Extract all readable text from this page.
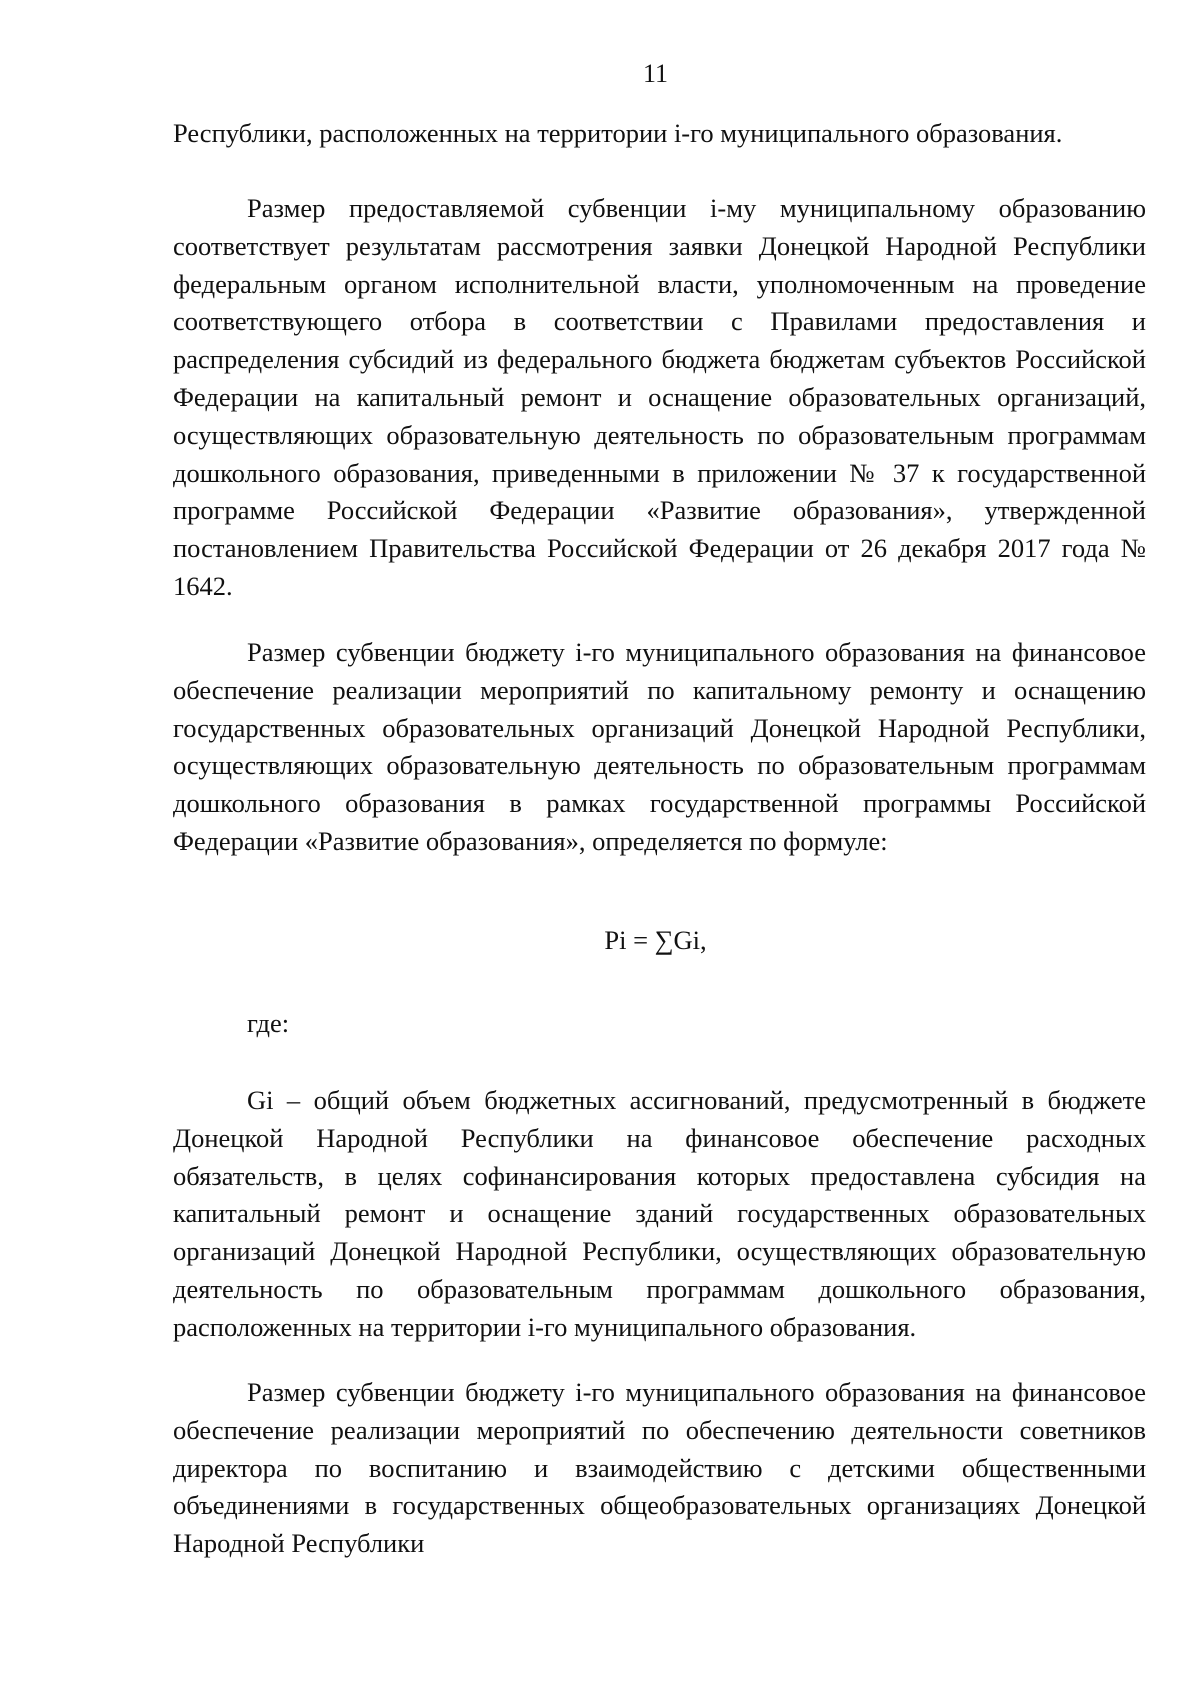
11
Республики, расположенных на территории i-го муниципального образования.

Размер предоставляемой субвенции i-му муниципальному образованию соответствует результатам рассмотрения заявки Донецкой Народной Республики федеральным органом исполнительной власти, уполномоченным на проведение соответствующего отбора в соответствии с Правилами предоставления и распределения субсидий из федерального бюджета бюджетам субъектов Российской Федерации на капитальный ремонт и оснащение образовательных организаций, осуществляющих образовательную деятельность по образовательным программам дошкольного образования, приведенными в приложении № 37 к государственной программе Российской Федерации «Развитие образования», утвержденной постановлением Правительства Российской Федерации от 26 декабря 2017 года № 1642.

Размер субвенции бюджету i-го муниципального образования на финансовое обеспечение реализации мероприятий по капитальному ремонту и оснащению государственных образовательных организаций Донецкой Народной Республики, осуществляющих образовательную деятельность по образовательным программам дошкольного образования в рамках государственной программы Российской Федерации «Развитие образования», определяется по формуле:

Pi = ∑Gi,
где:

Gi – общий объем бюджетных ассигнований, предусмотренный в бюджете Донецкой Народной Республики на финансовое обеспечение расходных обязательств, в целях софинансирования которых предоставлена субсидия на капитальный ремонт и оснащение зданий государственных образовательных организаций Донецкой Народной Республики, осуществляющих образовательную деятельность по образовательным программам дошкольного образования, расположенных на территории i-го муниципального образования.

Размер субвенции бюджету i-го муниципального образования на финансовое обеспечение реализации мероприятий по обеспечению деятельности советников директора по воспитанию и взаимодействию с детскими общественными объединениями в государственных общеобразовательных организациях Донецкой Народной Республики
